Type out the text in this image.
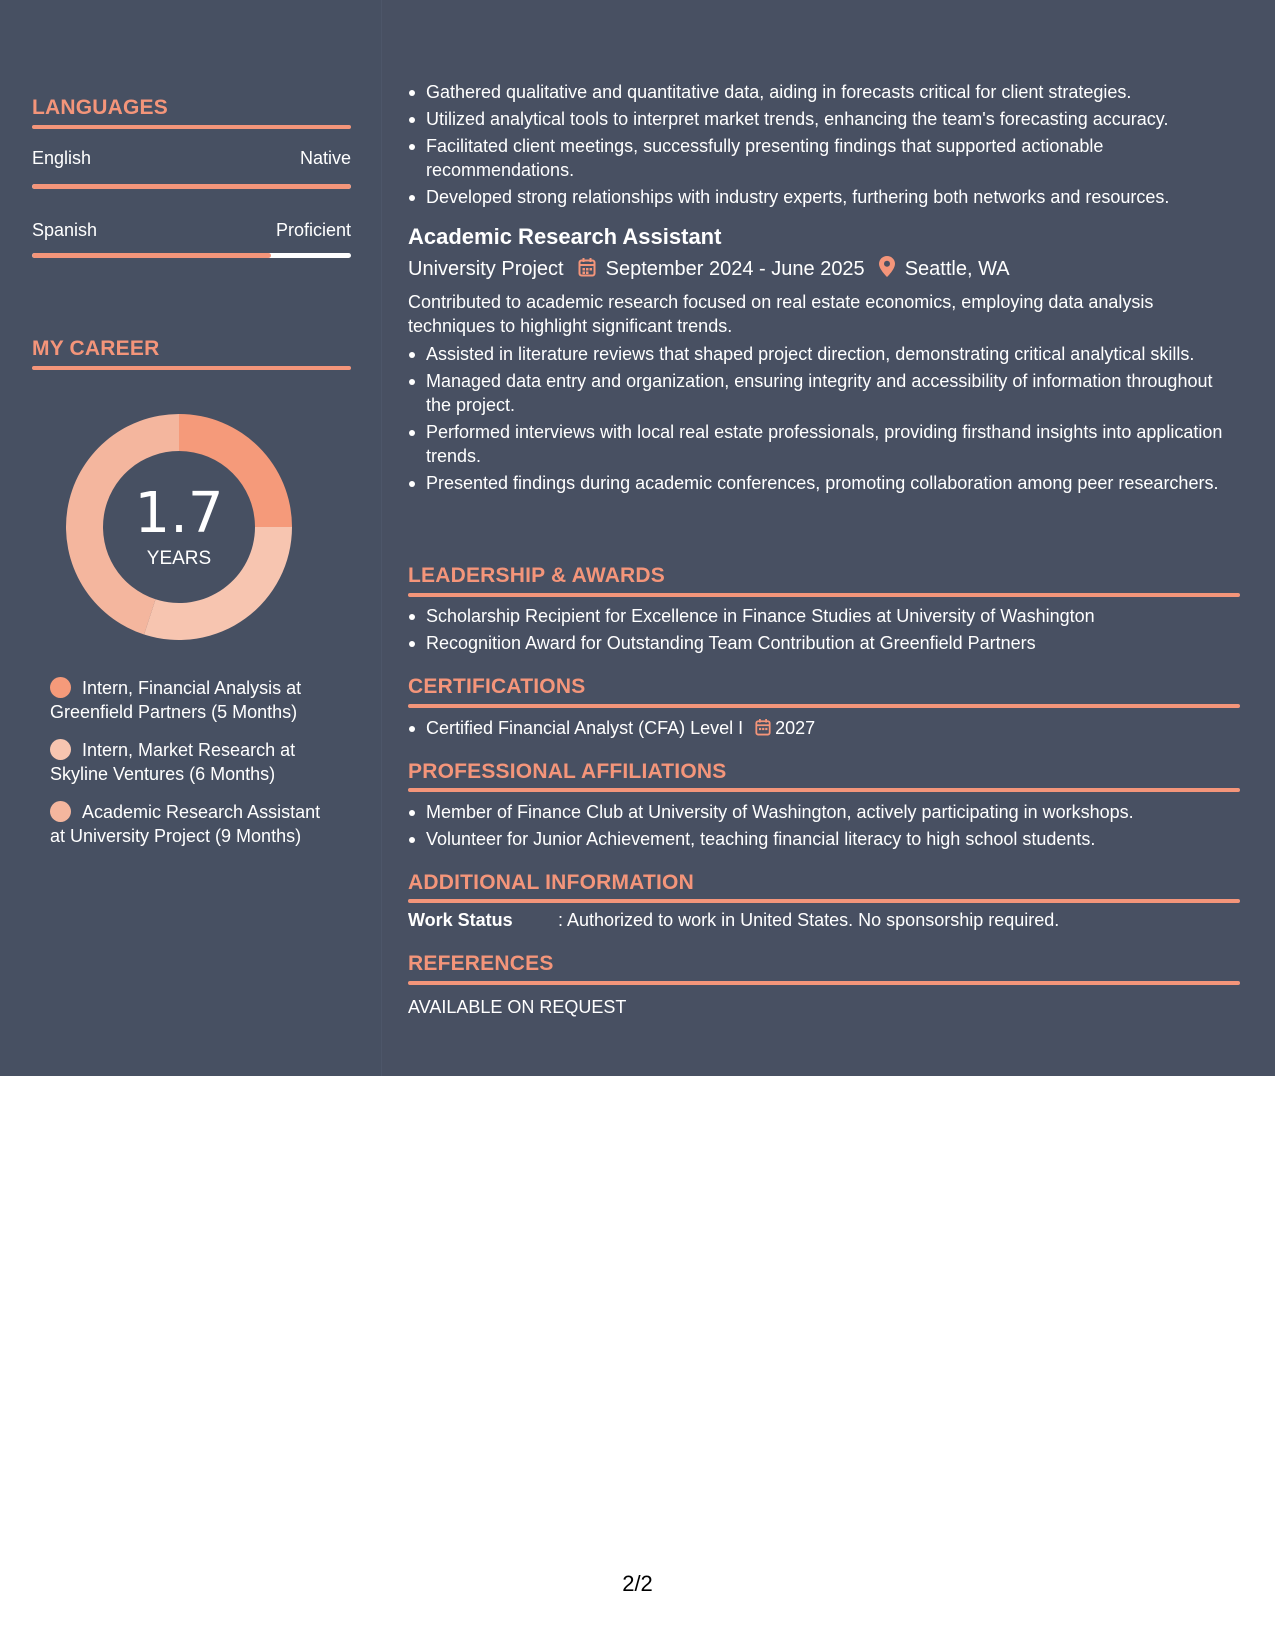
LANGUAGES
English	Native
Spanish	Proficient
MY CAREER
1.7
YEARS
Intern, Financial Analysis at Greenfield Partners (5 Months)
Intern, Market Research at Skyline Ventures (6 Months)
Academic Research Assistant at University Project (9 Months)
Gathered qualitative and quantitative data, aiding in forecasts critical for client strategies.
Utilized analytical tools to interpret market trends, enhancing the team's forecasting accuracy.
Facilitated client meetings, successfully presenting findings that supported actionable recommendations.
Developed strong relationships with industry experts, furthering both networks and resources.
Academic Research Assistant
University Project September 2024 - June 2025 Seattle, WA
Contributed to academic research focused on real estate economics, employing data analysis techniques to highlight significant trends.
Assisted in literature reviews that shaped project direction, demonstrating critical analytical skills.
Managed data entry and organization, ensuring integrity and accessibility of information throughout the project.
Performed interviews with local real estate professionals, providing firsthand insights into application trends.
Presented findings during academic conferences, promoting collaboration among peer researchers.
LEADERSHIP & AWARDS
Scholarship Recipient for Excellence in Finance Studies at University of Washington
Recognition Award for Outstanding Team Contribution at Greenfield Partners
CERTIFICATIONS
Certified Financial Analyst (CFA) Level I 2027
PROFESSIONAL AFFILIATIONS
Member of Finance Club at University of Washington, actively participating in workshops.
Volunteer for Junior Achievement, teaching financial literacy to high school students.
ADDITIONAL INFORMATION
Work Status	: Authorized to work in United States. No sponsorship required.
REFERENCES
AVAILABLE ON REQUEST
2/2
